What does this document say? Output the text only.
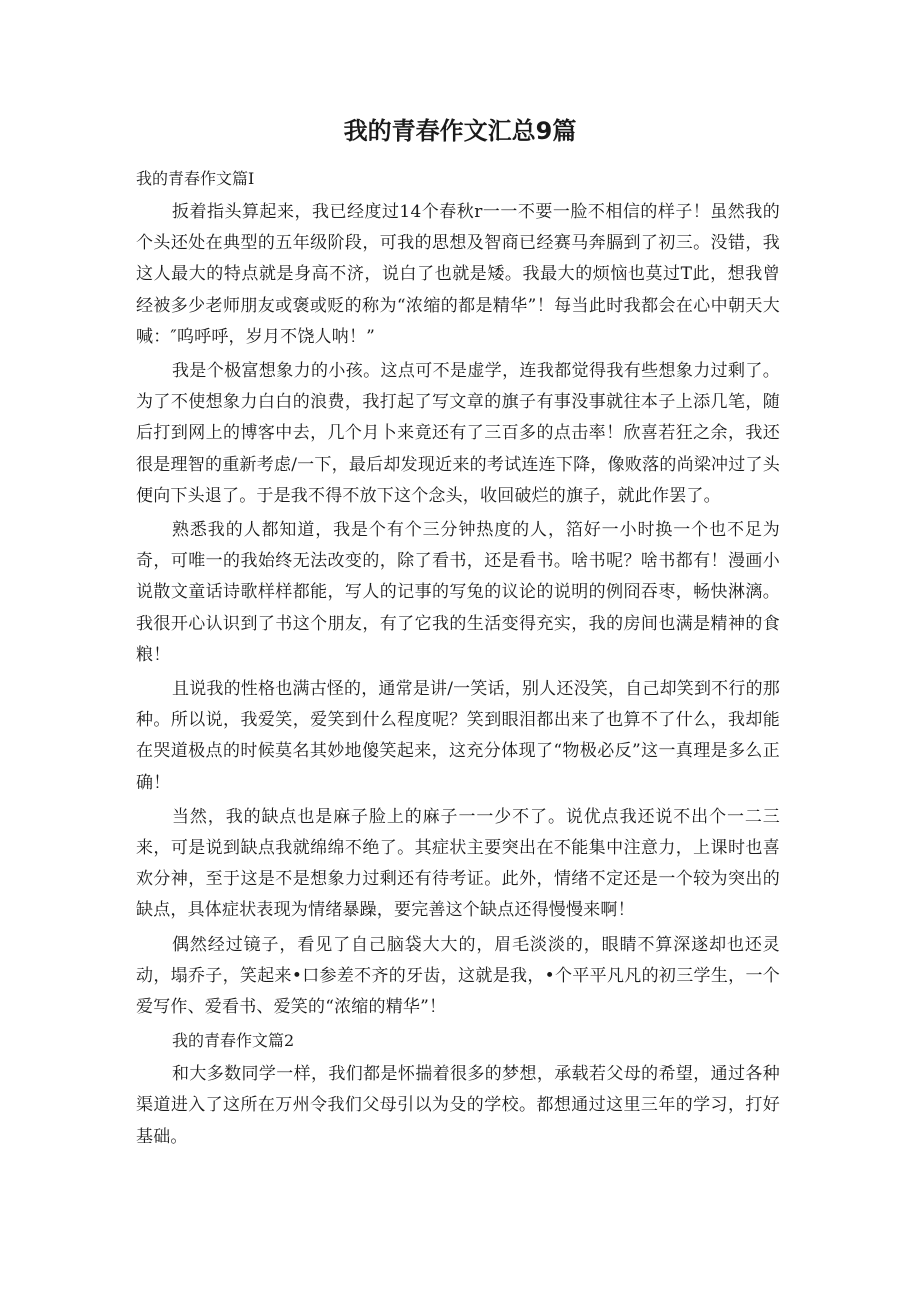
我的青春作文汇总9篇

我的青春作文篇I

扳着指头算起来，我已经度过14个春秋r一一不要一脸不相信的样子！虽然我的个头还处在典型的五年级阶段，可我的思想及智商已经赛马奔膈到了初三。没错，我这人最大的特点就是身高不济，说白了也就是矮。我最大的烦恼也莫过T此，想我曾经被多少老师朋友或褒或贬的称为“浓缩的都是精华”！每当此时我都会在心中朝天大喊：″呜呼呼，岁月不饶人呐！”

我是个极富想象力的小孩。这点可不是虚学，连我都觉得我有些想象力过剩了。为了不使想象力白白的浪费，我打起了写文章的旗子有事没事就往本子上添几笔，随后打到网上的博客中去，几个月卜来竟还有了三百多的点击率！欣喜若狂之余，我还很是理智的重新考虑/一下，最后却发现近来的考试连连下降，像败落的尚梁冲过了头便向下头退了。于是我不得不放下这个念头，收回破烂的旗子，就此作罢了。

熟悉我的人都知道，我是个有个三分钟热度的人，箔好一小时换一个也不足为奇，可唯一的我始终无法改变的，除了看书，还是看书。啥书呢？啥书都有！漫画小说散文童话诗歌样样都能，写人的记事的写兔的议论的说明的例冏吞枣，畅快淋漓。我很开心认识到了书这个朋友，有了它我的生活变得充实，我的房间也满是精神的食粮！

且说我的性格也满古怪的，通常是讲/一笑话，别人还没笑，自己却笑到不行的那种。所以说，我爱笑，爱笑到什么程度呢？笑到眼泪都出来了也算不了什么，我却能在哭道极点的时候莫名其妙地傻笑起来，这充分体现了“物极必反”这一真理是多么正确！

当然，我的缺点也是麻子脸上的麻子一一少不了。说优点我还说不出个一二三来，可是说到缺点我就绵绵不绝了。其症状主要突出在不能集中注意力，上课时也喜欢分神，至于这是不是想象力过剩还有待考证。此外，情绪不定还是一个较为突出的缺点，具体症状表现为情绪暴躁，要完善这个缺点还得慢慢来啊！

偶然经过镜子，看见了自己脑袋大大的，眉毛淡淡的，眼睛不算深遂却也还灵动，塌乔子，笑起来•口参差不齐的牙齿，这就是我，•个平平凡凡的初三学生，一个爱写作、爱看书、爱笑的“浓缩的精华”！

我的青春作文篇2

和大多数同学一样，我们都是怀揣着很多的梦想，承载若父母的希望，通过各种渠道进入了这所在万州令我们父母引以为殳的学校。都想通过这里三年的学习，打好基础。
